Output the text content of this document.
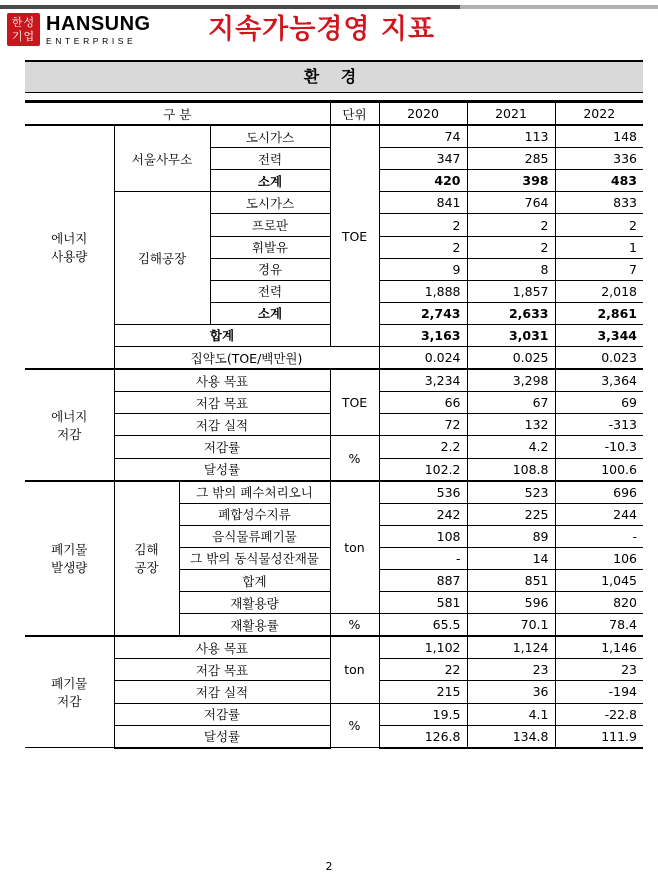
한성
기업
HANSUNG
ENTERPRISE	지속가능경영 지표
환 경
구 분				단위	2020	2021	2022
에너지
사용량	서울사무소		도시가스	TOE	74	113	148
			전력		347	285	336
			소계		420	398	483
	김해공장		도시가스		841	764	833
			프로판		2	2	2
			휘발유		2	2	1
			경유		9	8	7
			전력		1,888	1,857	2,018
			소계		2,743	2,633	2,861
	합계				3,163	3,031	3,344
	집약도(TOE/백만원)				0.024	0.025	0.023
에너지
저감	사용 목표			TOE	3,234	3,298	3,364
	저감 목표				66	67	69
	저감 실적				72	132	-313
	저감률			%	2.2	4.2	-10.3
	달성률				102.2	108.8	100.6
폐기물
발생량	김해
공장	그 밖의 폐수처리오니		ton	536	523	696
		폐합성수지류			242	225	244
		음식물류폐기물			108	89	-
		그 밖의 동식물성잔재물			-	14	106
		합계			887	851	1,045
		재활용량			581	596	820
		재활용률		%	65.5	70.1	78.4
폐기물
저감	사용 목표			ton	1,102	1,124	1,146
	저감 목표				22	23	23
	저감 실적				215	36	-194
	저감률			%	19.5	4.1	-22.8
	달성률				126.8	134.8	111.9
2
